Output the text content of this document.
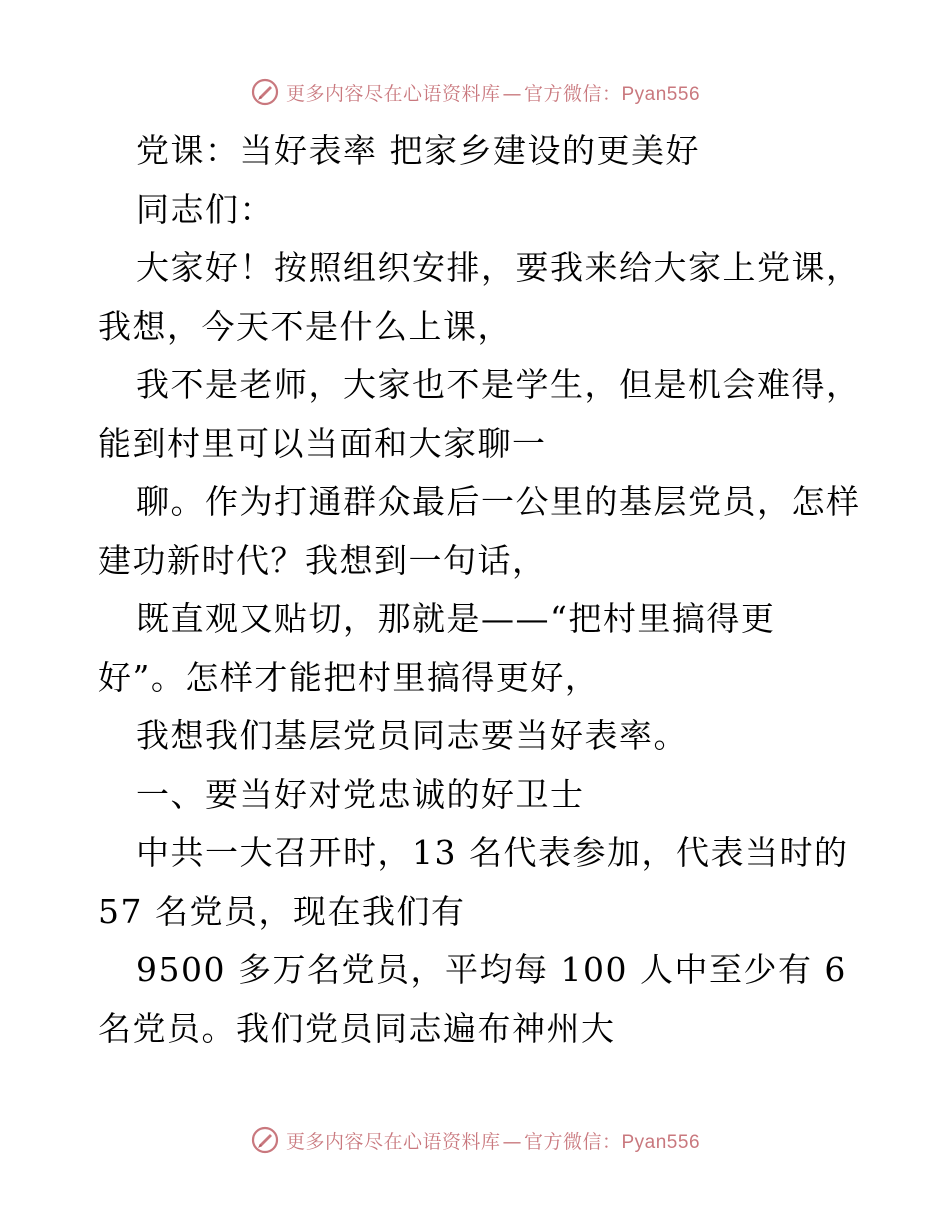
更多内容尽在心语资料库 — 官方微信：Pyan556
党课：当好表率 把家乡建设的更美好
同志们：
大家好！按照组织安排，要我来给大家上党课，
我想，今天不是什么上课，
我不是老师，大家也不是学生，但是机会难得，
能到村里可以当面和大家聊一
聊。作为打通群众最后一公里的基层党员，怎样
建功新时代？我想到一句话，
既直观又贴切，那就是——“把村里搞得更
好”。怎样才能把村里搞得更好，
我想我们基层党员同志要当好表率。
一、要当好对党忠诚的好卫士
中共一大召开时，13 名代表参加，代表当时的
57 名党员，现在我们有
9500 多万名党员，平均每 100 人中至少有 6
名党员。我们党员同志遍布神州大
更多内容尽在心语资料库 — 官方微信：Pyan556
